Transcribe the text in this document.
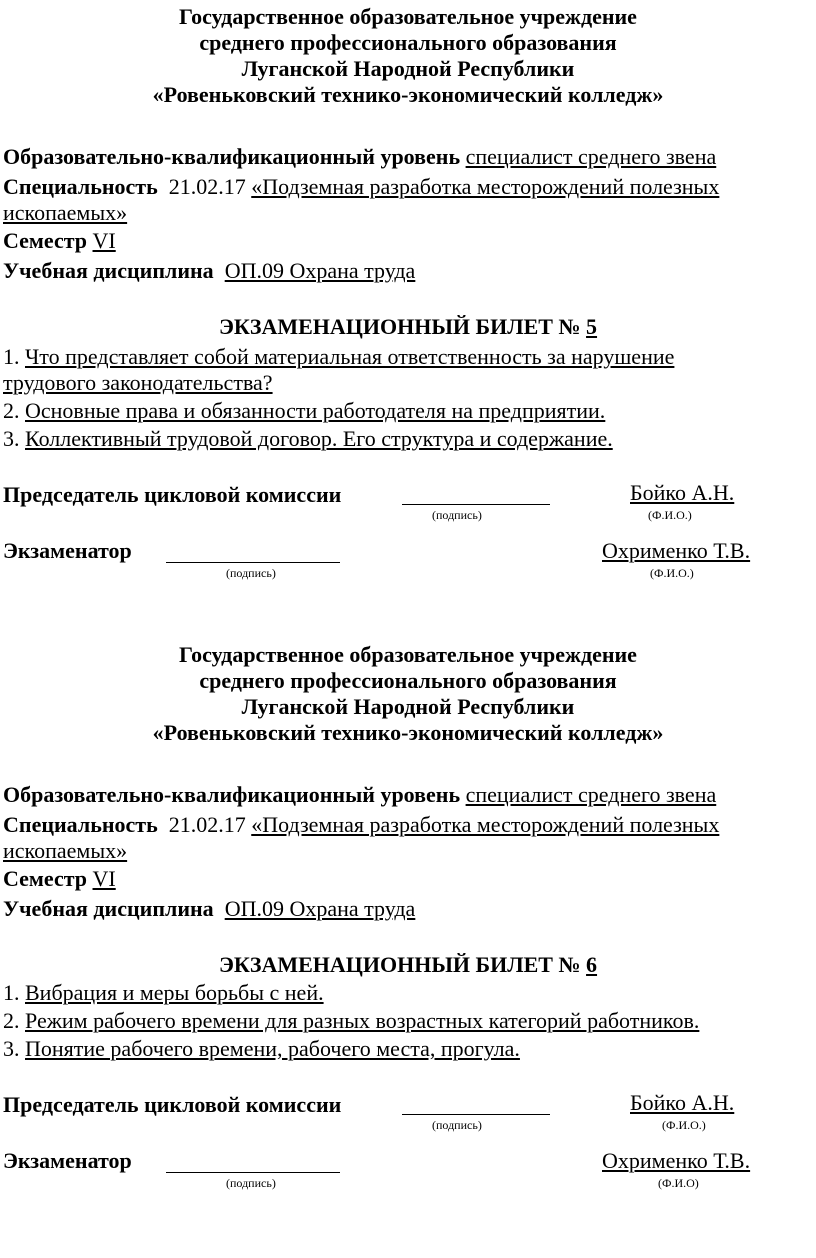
Государственное образовательное учреждение
среднего профессионального образования
Луганской Народной Республики
«Ровеньковский технико-экономический колледж»
Образовательно-квалификационный уровень специалист среднего звена
Специальность 21.02.17 «Подземная разработка месторождений полезных
ископаемых»
Семестр VI
Учебная дисциплина ОП.09 Охрана труда
ЭКЗАМЕНАЦИОННЫЙ БИЛЕТ № 5
1. Что представляет собой материальная ответственность за нарушение
трудового законодательства?
2. Основные права и обязанности работодателя на предприятии.
3. Коллективный трудовой договор. Его структура и содержание.
Председатель цикловой комиссии
(подпись)
Бойко А.Н.
(Ф.И.О.)
Экзаменатор
(подпись)
Охрименко Т.В.
(Ф.И.О.)
Государственное образовательное учреждение
среднего профессионального образования
Луганской Народной Республики
«Ровеньковский технико-экономический колледж»
Образовательно-квалификационный уровень специалист среднего звена
Специальность 21.02.17 «Подземная разработка месторождений полезных
ископаемых»
Семестр VI
Учебная дисциплина ОП.09 Охрана труда
ЭКЗАМЕНАЦИОННЫЙ БИЛЕТ № 6
1. Вибрация и меры борьбы с ней.
2. Режим рабочего времени для разных возрастных категорий работников.
3. Понятие рабочего времени, рабочего места, прогула.
Председатель цикловой комиссии
(подпись)
Бойко А.Н.
(Ф.И.О.)
Экзаменатор
(подпись)
Охрименко Т.В.
(Ф.И.О)
